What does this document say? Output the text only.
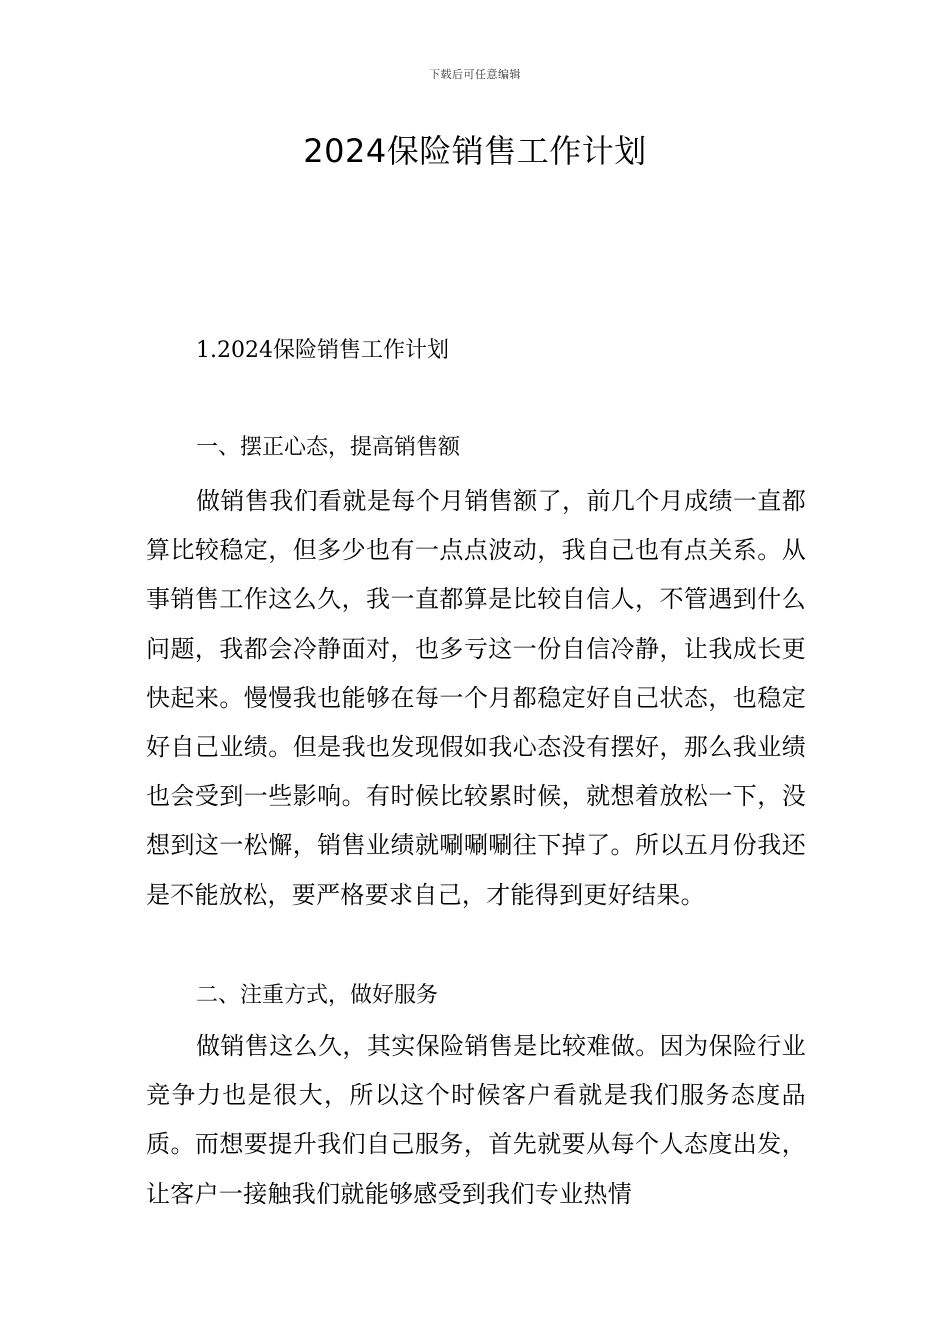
下载后可任意编辑
2024保险销售工作计划
1.2024保险销售工作计划
一、摆正心态，提高销售额

做销售我们看就是每个月销售额了，前几个月成绩一直都算比较稳定，但多少也有一点点波动，我自己也有点关系。从事销售工作这么久，我一直都算是比较自信人，不管遇到什么问题，我都会冷静面对，也多亏这一份自信冷静，让我成长更快起来。慢慢我也能够在每一个月都稳定好自己状态，也稳定好自己业绩。但是我也发现假如我心态没有摆好，那么我业绩也会受到一些影响。有时候比较累时候，就想着放松一下，没想到这一松懈，销售业绩就唰唰唰往下掉了。所以五月份我还是不能放松，要严格要求自己，才能得到更好结果。

二、注重方式，做好服务

做销售这么久，其实保险销售是比较难做。因为保险行业竞争力也是很大，所以这个时候客户看就是我们服务态度品质。而想要提升我们自己服务，首先就要从每个人态度出发，让客户一接触我们就能够感受到我们专业热情
